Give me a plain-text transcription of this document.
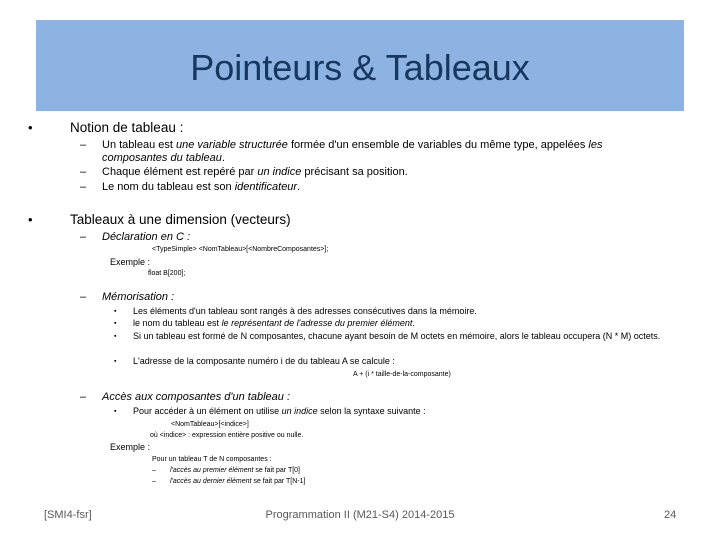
Pointeurs & Tableaux
•	Notion de tableau :
– Un tableau est une variable structurée formée d'un ensemble de variables du même type, appelées les composantes du tableau.
– Chaque élément est repéré par un indice précisant sa position.
– Le nom du tableau est son identificateur.
•	Tableaux à une dimension (vecteurs)
– Déclaration en C :
<TypeSimple> <NomTableau>[<NombreComposantes>];
Exemple :
float B[200];
– Mémorisation :
▪ Les éléments d'un tableau sont rangés à des adresses consécutives dans la mémoire.
▪ le nom du tableau est le représentant de l'adresse du premier élément.
▪ Si un tableau est formé de N composantes, chacune ayant besoin de M octets en mémoire, alors le tableau occupera (N * M) octets.
▪ L'adresse de la composante numéro i de du tableau A se calcule :
A + (i * taille-de-la-composante)
– Accès aux composantes d'un tableau :
▪ Pour accéder à un élément on utilise un indice selon la syntaxe suivante :
<NomTableau>[<indice>]
où <indice> : expression entière positive ou nulle.
Exemple :
Pour un tableau T de N composantes :
– l'accès au premier élément se fait par T[0]
– l'accès au dernier élément se fait par T[N-1]
[SMI4-fsr]	Programmation II (M21-S4) 2014-2015	24
